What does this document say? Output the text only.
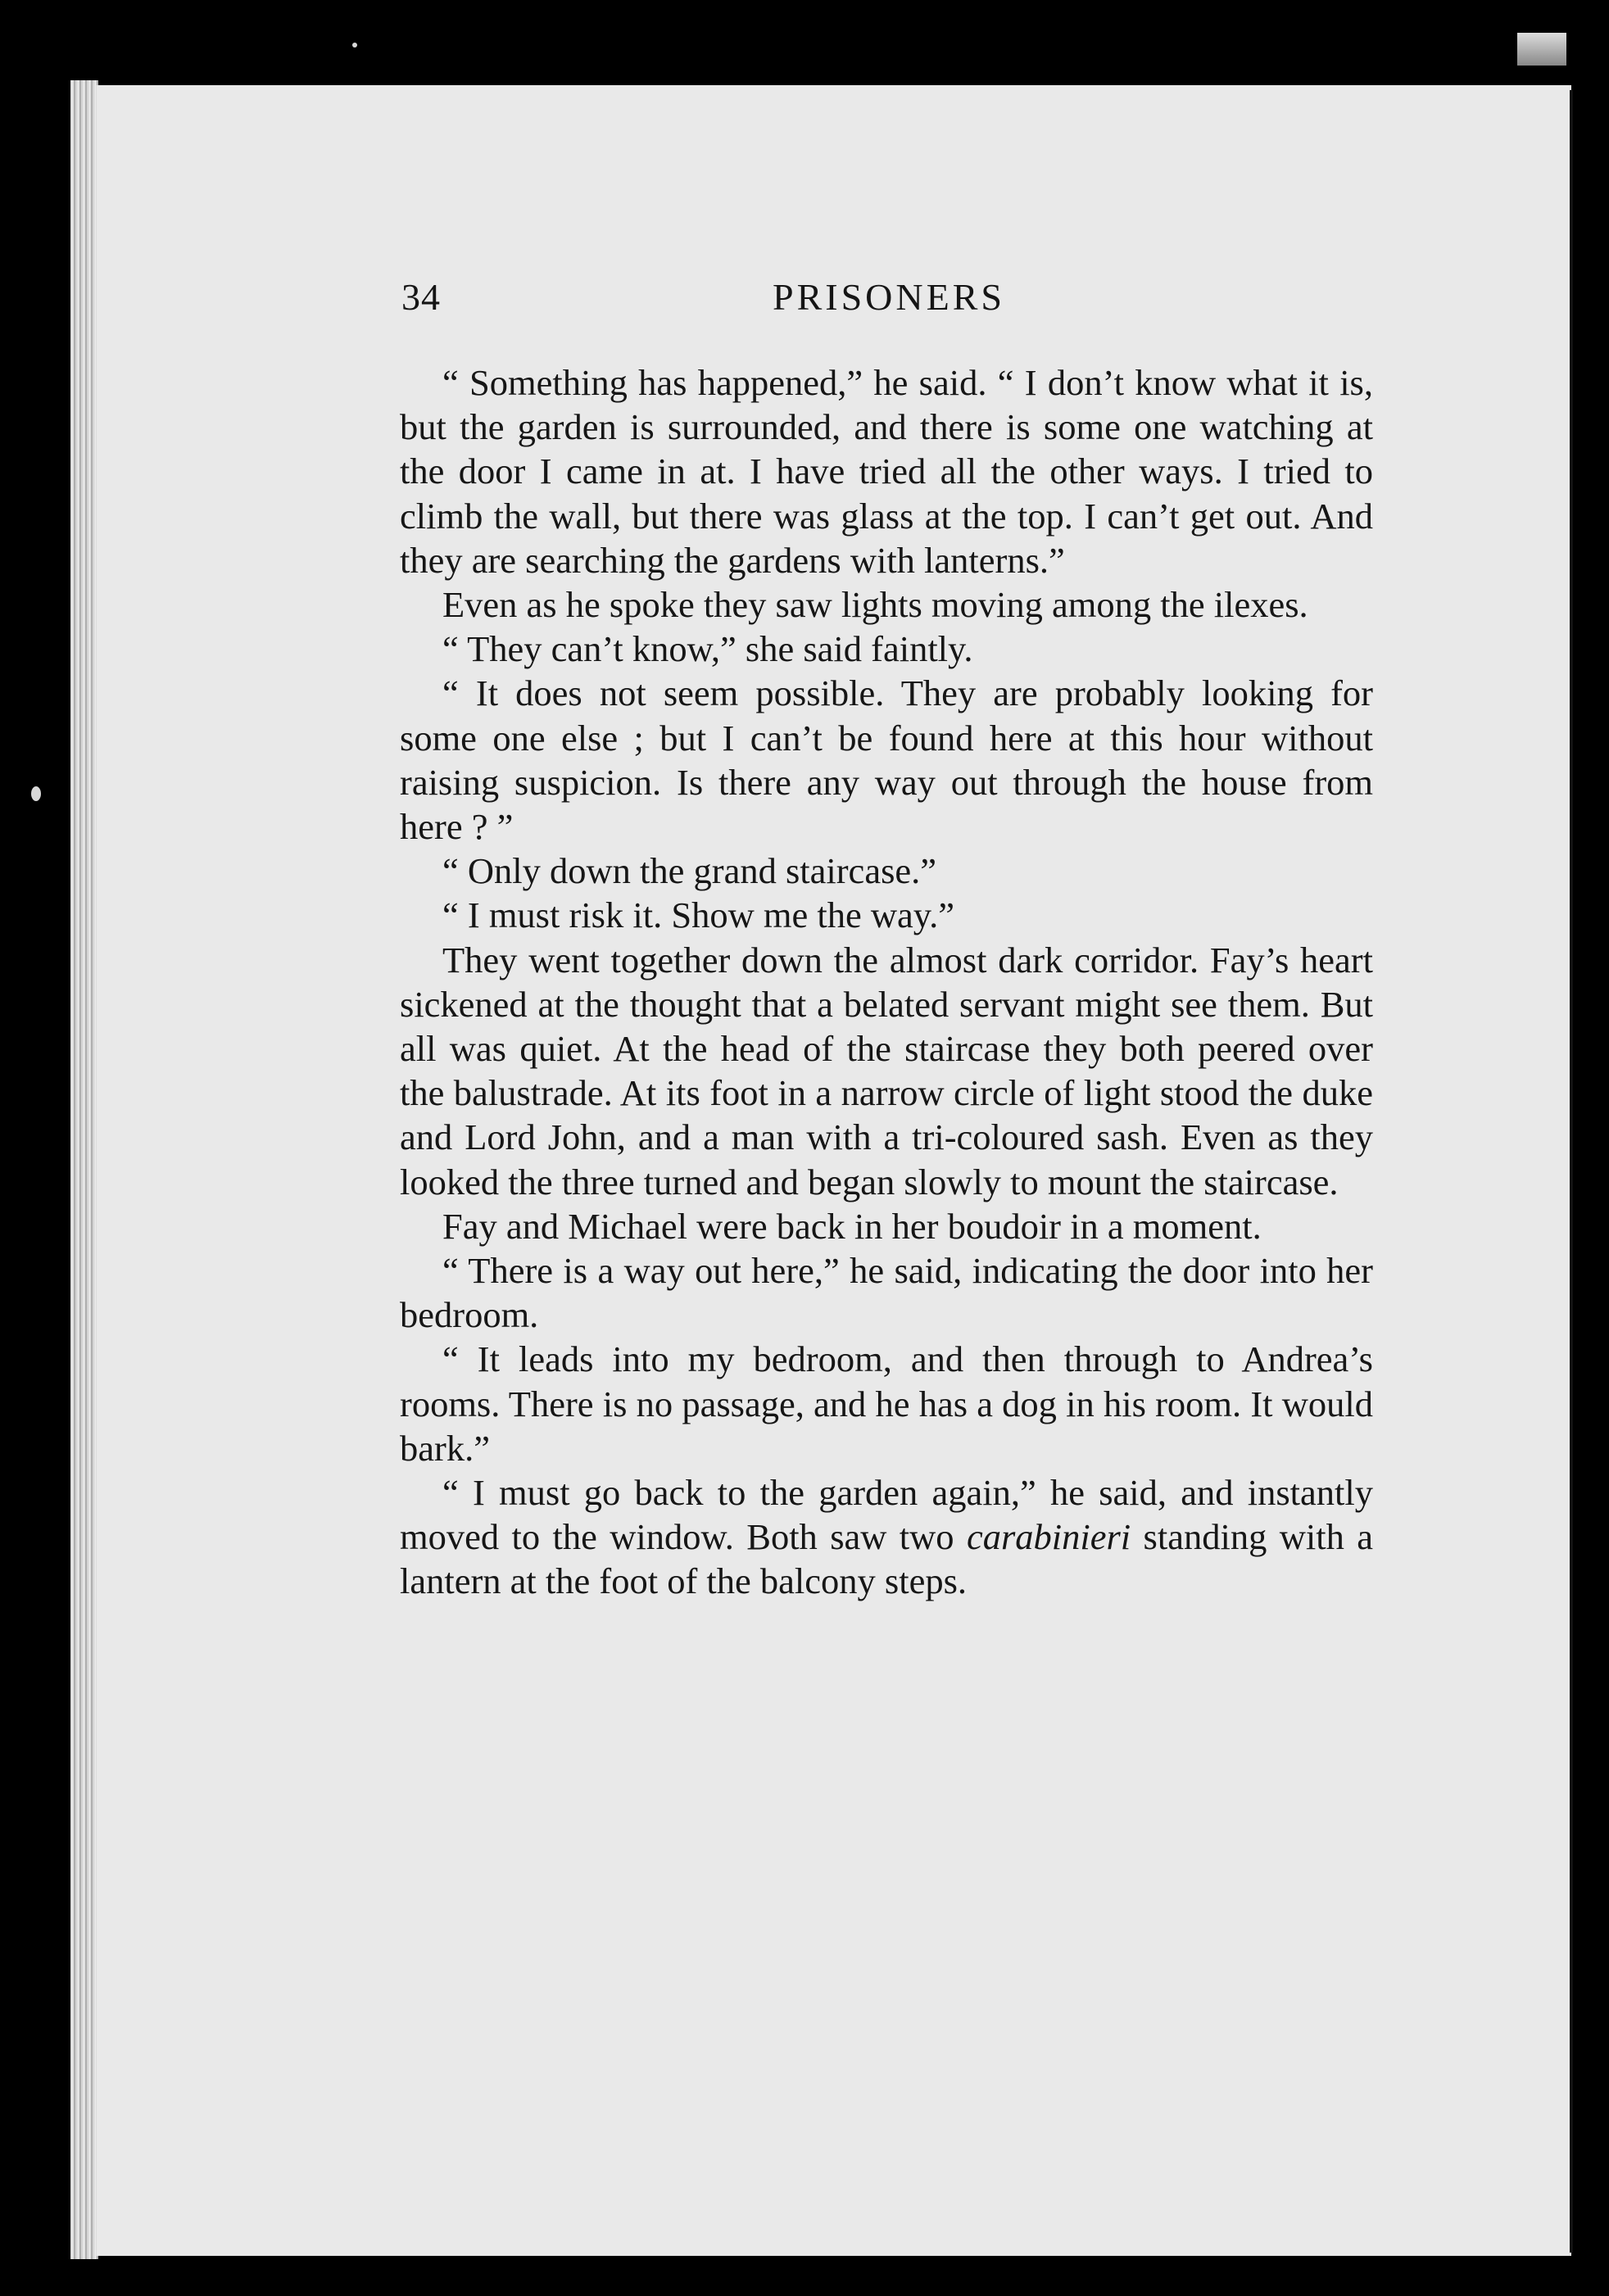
34	PRISONERS

“ Something has happened,” he said. “ I don’t know what it is, but the garden is surrounded, and there is some one watching at the door I came in at. I have tried all the other ways. I tried to climb the wall, but there was glass at the top. I can’t get out. And they are searching the gardens with lanterns.”

Even as he spoke they saw lights moving among the ilexes.

“ They can’t know,” she said faintly.

“ It does not seem possible. They are probably looking for some one else ; but I can’t be found here at this hour without raising suspicion. Is there any way out through the house from here ? ”

“ Only down the grand staircase.”

“ I must risk it. Show me the way.”

They went together down the almost dark corridor. Fay’s heart sickened at the thought that a belated servant might see them. But all was quiet. At the head of the staircase they both peered over the balustrade. At its foot in a narrow circle of light stood the duke and Lord John, and a man with a tri-coloured sash. Even as they looked the three turned and began slowly to mount the staircase.

Fay and Michael were back in her boudoir in a moment.

“ There is a way out here,” he said, indicating the door into her bedroom.

“ It leads into my bedroom, and then through to Andrea’s rooms. There is no passage, and he has a dog in his room. It would bark.”

“ I must go back to the garden again,” he said, and instantly moved to the window. Both saw two carabinieri standing with a lantern at the foot of the balcony steps.
